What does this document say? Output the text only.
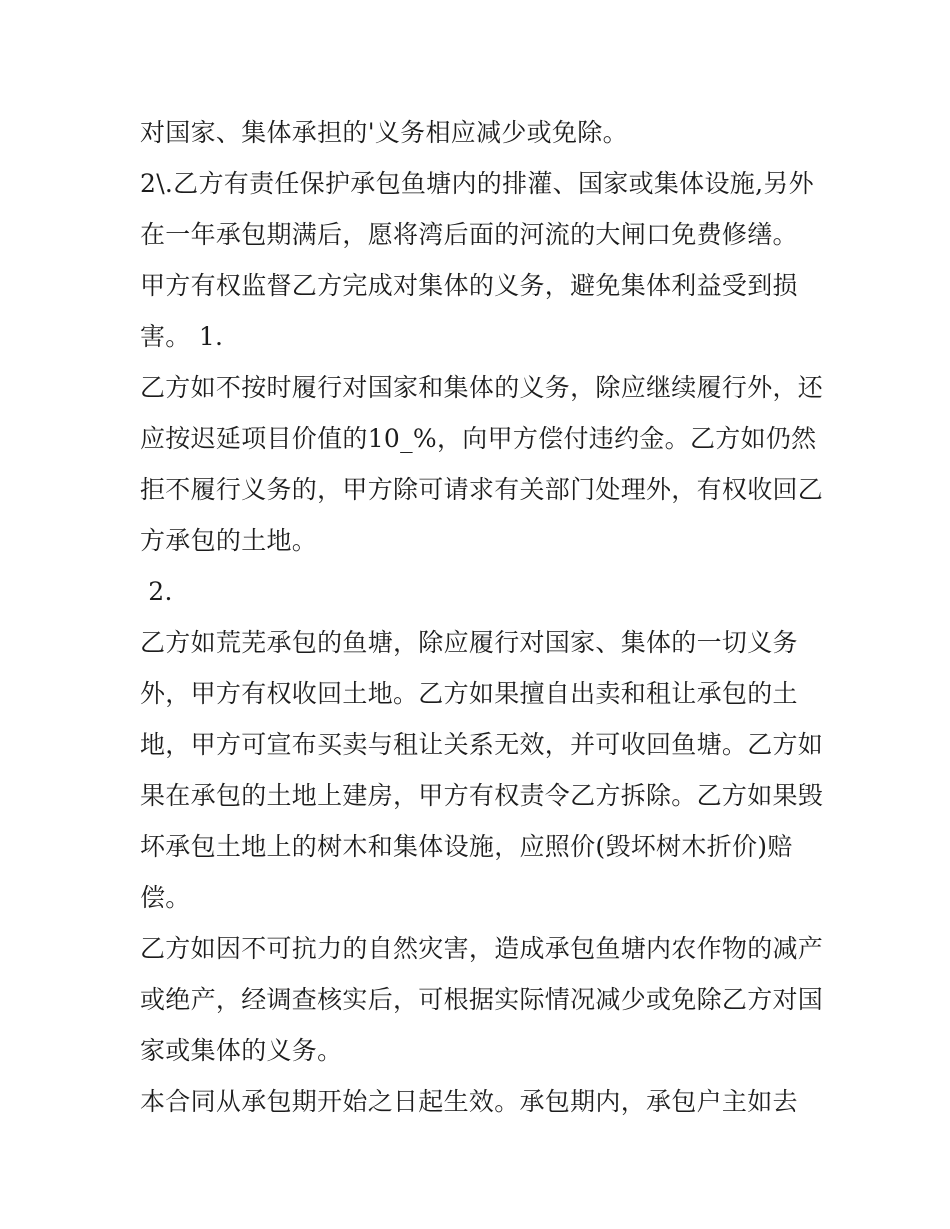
对国家、集体承担的'义务相应减少或免除。
2\.乙方有责任保护承包鱼塘内的排灌、国家或集体设施,另外
在一年承包期满后，愿将湾后面的河流的大闸口免费修缮。
甲方有权监督乙方完成对集体的义务，避免集体利益受到损
害。 1.
乙方如不按时履行对国家和集体的义务，除应继续履行外，还
应按迟延项目价值的10_%，向甲方偿付违约金。乙方如仍然
拒不履行义务的，甲方除可请求有关部门处理外，有权收回乙
方承包的土地。
2.
乙方如荒芜承包的鱼塘，除应履行对国家、集体的一切义务
外，甲方有权收回土地。乙方如果擅自出卖和租让承包的土
地，甲方可宣布买卖与租让关系无效，并可收回鱼塘。乙方如
果在承包的土地上建房，甲方有权责令乙方拆除。乙方如果毁
坏承包土地上的树木和集体设施，应照价(毁坏树木折价)赔
偿。
乙方如因不可抗力的自然灾害，造成承包鱼塘内农作物的减产
或绝产，经调查核实后，可根据实际情况减少或免除乙方对国
家或集体的义务。
本合同从承包期开始之日起生效。承包期内，承包户主如去
